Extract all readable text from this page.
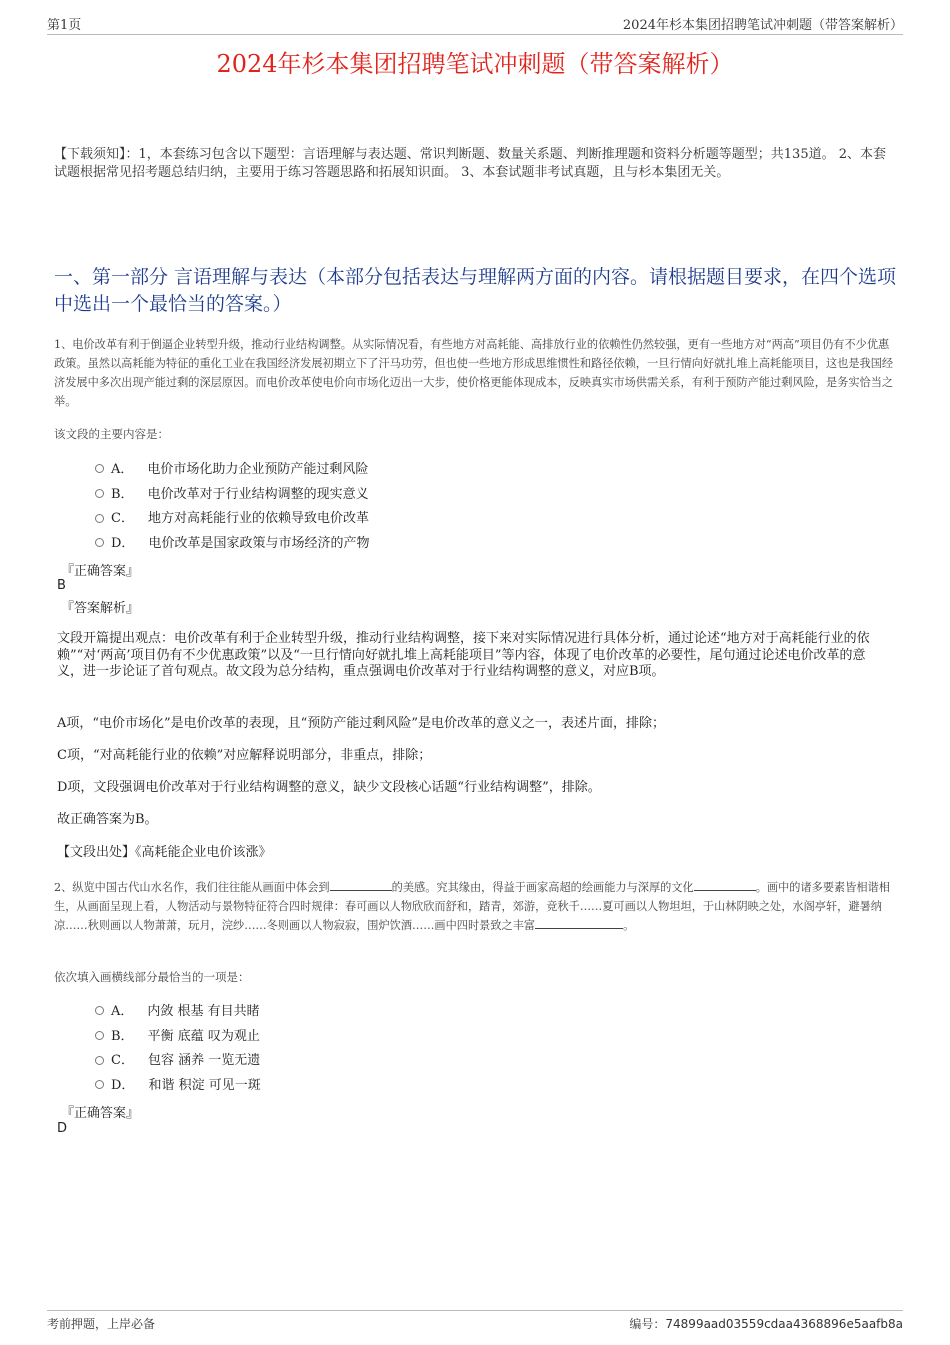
第1页	2024年杉本集团招聘笔试冲刺题（带答案解析）
2024年杉本集团招聘笔试冲刺题（带答案解析）
【下载须知】：1，本套练习包含以下题型：言语理解与表达题、常识判断题、数量关系题、判断推理题和资料分析题等题型；共135道。 2、本套试题根据常见招考题总结归纳，主要用于练习答题思路和拓展知识面。 3、本套试题非考试真题，且与杉本集团无关。
一、第一部分 言语理解与表达（本部分包括表达与理解两方面的内容。请根据题目要求，在四个选项中选出一个最恰当的答案。）
1、电价改革有利于倒逼企业转型升级，推动行业结构调整。从实际情况看，有些地方对高耗能、高排放行业的依赖性仍然较强，更有一些地方对“两高”项目仍有不少优惠政策。虽然以高耗能为特征的重化工业在我国经济发展初期立下了汗马功劳，但也使一些地方形成思维惯性和路径依赖，一旦行情向好就扎堆上高耗能项目，这也是我国经济发展中多次出现产能过剩的深层原因。而电价改革使电价向市场化迈出一大步，使价格更能体现成本，反映真实市场供需关系，有利于预防产能过剩风险，是务实恰当之举。
该文段的主要内容是：
A． 电价市场化助力企业预防产能过剩风险
B． 电价改革对于行业结构调整的现实意义
C． 地方对高耗能行业的依赖导致电价改革
D． 电价改革是国家政策与市场经济的产物
『正确答案』
B
『答案解析』
文段开篇提出观点：电价改革有利于企业转型升级，推动行业结构调整，接下来对实际情况进行具体分析，通过论述“地方对于高耗能行业的依赖”“对‘两高’项目仍有不少优惠政策”以及“一旦行情向好就扎堆上高耗能项目”等内容，体现了电价改革的必要性，尾句通过论述电价改革的意义，进一步论证了首句观点。故文段为总分结构，重点强调电价改革对于行业结构调整的意义，对应B项。
A项，“电价市场化”是电价改革的表现，且“预防产能过剩风险”是电价改革的意义之一，表述片面，排除；
C项，“对高耗能行业的依赖”对应解释说明部分，非重点，排除；
D项，文段强调电价改革对于行业结构调整的意义，缺少文段核心话题“行业结构调整”，排除。
故正确答案为B。
【文段出处】《高耗能企业电价该涨》
2、纵览中国古代山水名作，我们往往能从画面中体会到	的美感。究其缘由，得益于画家高超的绘画能力与深厚的文化	。画中的诸多要素皆相谐相生，从画面呈现上看，人物活动与景物特征符合四时规律：春可画以人物欣欣而舒和，踏青，郊游，竞秋千……夏可画以人物坦坦，于山林阴映之处，水阁亭轩，避暑纳凉……秋则画以人物萧萧，玩月，浣纱……冬则画以人物寂寂，围炉饮酒……画中四时景致之丰富	。
依次填入画横线部分最恰当的一项是：
A． 内敛 根基 有目共睹
B． 平衡 底蕴 叹为观止
C． 包容 涵养 一览无遗
D． 和谐 积淀 可见一斑
『正确答案』
D
考前押题，上岸必备	编号：74899aad03559cdaa4368896e5aafb8a
